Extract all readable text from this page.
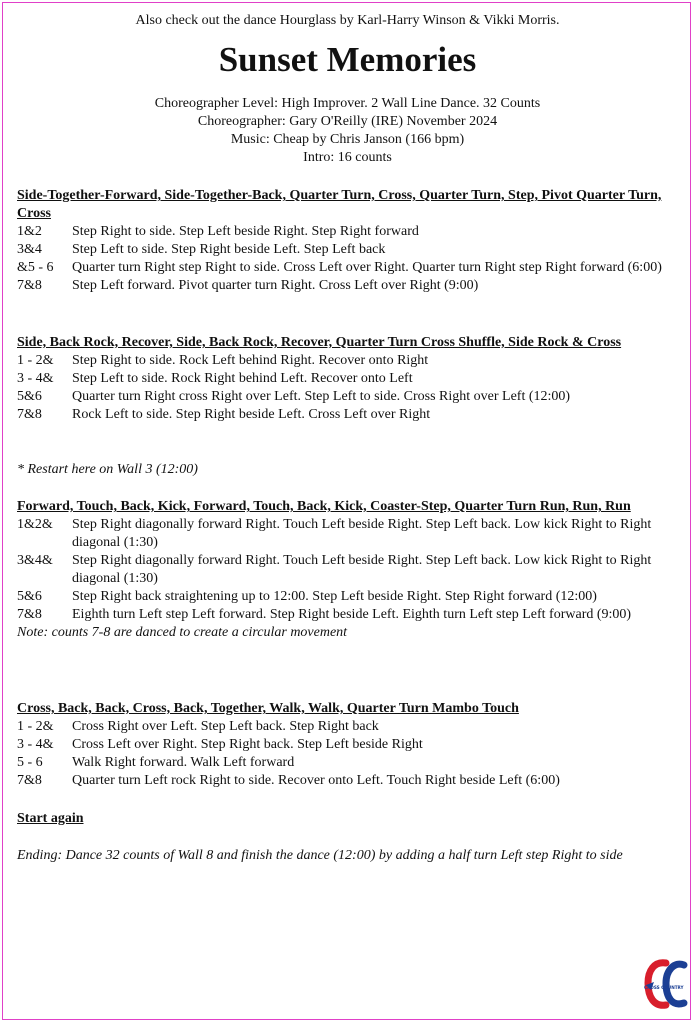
Also check out the dance Hourglass by Karl-Harry Winson & Vikki Morris.
Sunset Memories
Choreographer Level: High Improver. 2 Wall Line Dance. 32 Counts
Choreographer: Gary O'Reilly (IRE) November 2024
Music: Cheap by Chris Janson (166 bpm)
Intro: 16 counts
Side-Together-Forward, Side-Together-Back, Quarter Turn, Cross, Quarter Turn, Step, Pivot Quarter Turn, Cross
1&2	Step Right to side. Step Left beside Right. Step Right forward
3&4	Step Left to side. Step Right beside Left. Step Left back
&5 - 6	Quarter turn Right step Right to side. Cross Left over Right. Quarter turn Right step Right forward (6:00)
7&8	Step Left forward. Pivot quarter turn Right. Cross Left over Right (9:00)
Side, Back Rock, Recover, Side, Back Rock, Recover, Quarter Turn Cross Shuffle, Side Rock & Cross
1 - 2&	Step Right to side. Rock Left behind Right. Recover onto Right
3 - 4&	Step Left to side. Rock Right behind Left. Recover onto Left
5&6	Quarter turn Right cross Right over Left. Step Left to side. Cross Right over Left (12:00)
7&8	Rock Left to side. Step Right beside Left. Cross Left over Right
* Restart here on Wall 3 (12:00)
Forward, Touch, Back, Kick, Forward, Touch, Back, Kick, Coaster-Step, Quarter Turn Run, Run, Run
1&2&	Step Right diagonally forward Right. Touch Left beside Right. Step Left back. Low kick Right to Right diagonal (1:30)
3&4&	Step Right diagonally forward Right. Touch Left beside Right. Step Left back. Low kick Right to Right diagonal (1:30)
5&6	Step Right back straightening up to 12:00. Step Left beside Right. Step Right forward (12:00)
7&8	Eighth turn Left step Left forward. Step Right beside Left. Eighth turn Left step Left forward (9:00)
Note: counts 7-8 are danced to create a circular movement
Cross, Back, Back, Cross, Back, Together, Walk, Walk, Quarter Turn Mambo Touch
1 - 2&	Cross Right over Left. Step Left back. Step Right back
3 - 4&	Cross Left over Right. Step Right back. Step Left beside Right
5 - 6	Walk Right forward. Walk Left forward
7&8	Quarter turn Left rock Right to side. Recover onto Left. Touch Right beside Left (6:00)
Start again
Ending: Dance 32 counts of Wall 8 and finish the dance (12:00) by adding a half turn Left step Right to side
CROSS COUNTRY
